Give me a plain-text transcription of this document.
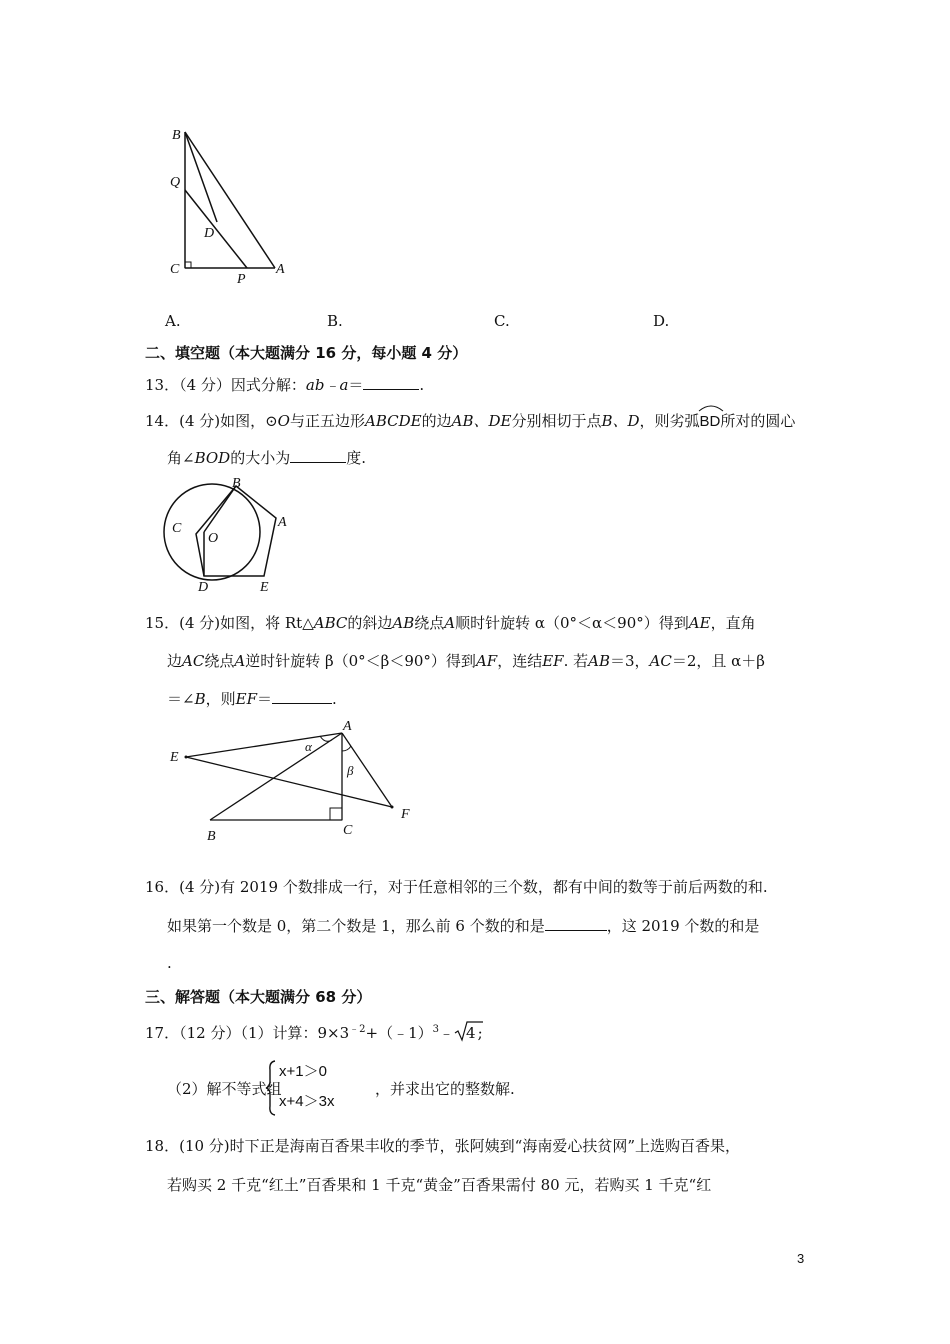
B
Q
D
C
P
A
A.	B.	C.	D.
二、填空题（本大题满分 16 分，每小题 4 分）
13．（4 分）因式分解：ab﹣a＝	.
14．(4 分)如图，⊙O与正五边形ABCDE的边AB、DE分别相切于点B、D，则劣弧
BD所对的圆心
角∠BOD的大小为	度.
B
C
O
A
D	E
15．(4 分)如图，将 Rt△ABC的斜边AB绕点A顺时针旋转 α（0°＜α＜90°）得到AE，直角
边AC绕点A逆时针旋转 β（0°＜β＜90°）得到AF，连结EF. 若AB＝3，AC＝2，且 α＋β
＝∠B，则EF＝	.
A
E
α
β
F
B	C
16．(4 分)有 2019 个数排成一行，对于任意相邻的三个数，都有中间的数等于前后两数的和.
如果第一个数是 0，第二个数是 1，那么前 6 个数的和是	，这 2019 个数的和是
.
三、解答题（本大题满分 68 分）
17．（12 分）（1）计算：$9\times 3^{﹣2}+(﹣1)^3﹣$ 4 ;
（2）解不等式组
x+1＞0
x+4＞3x
，并求出它的整数解.
18．(10 分)时下正是海南百香果丰收的季节，张阿姨到“海南爱心扶贫网”上选购百香果，
若购买 2 千克“红土”百香果和 1 千克“黄金”百香果需付 80 元，若购买 1 千克“红
3
